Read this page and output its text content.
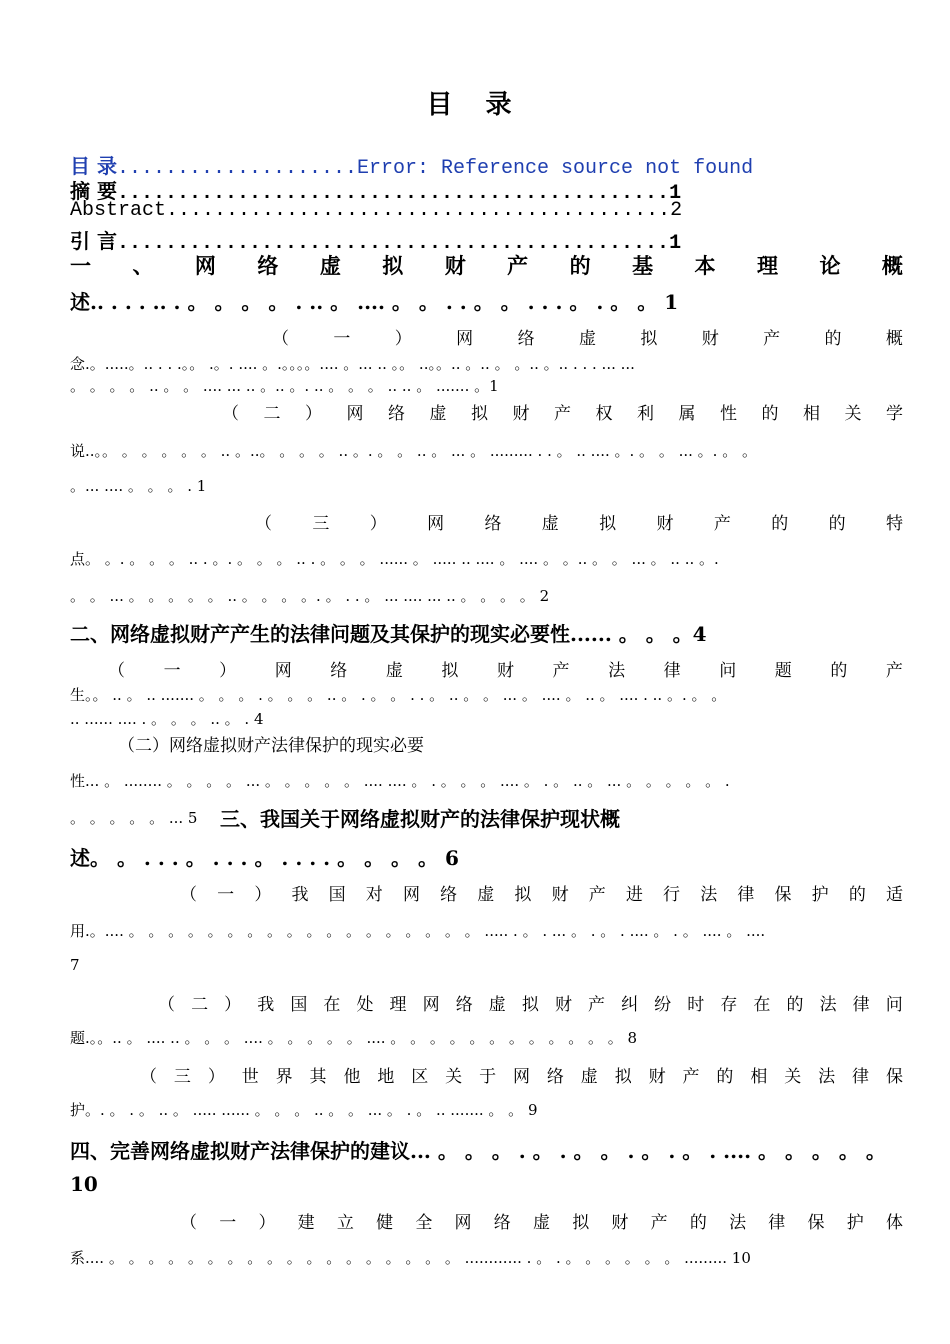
目 录
目 录....................Error: Reference source not found
摘 要..............................................1
Abstract..........................................2
引 言..............................................1
一 、 网 络 虚 拟 财 产 的 基 本 理 论 概
述.. . . . .. . 。 。 。 。 . .. 。 .... 。 。 . . 。 。 . . . 。 . 。 。 1
（	一	）	网	络	虚	拟	财	产	的	概
念.。.....。.. . . .。。 .。. .... 。.。。。。.... 。... .. 。。 ..。。.. 。.. 。 。.. 。.. . . . ... ...
。 。 。 。 .. 。 。 .... ... .. 。.. 。. .. 。 。 。 .. .. 。 ....... 。1
（ 二 ） 网 络 虚 拟 财 产 权 利 属 性 的 相 关 学
说..。。 。 。 。 。 。 .. 。..。 。 。 。 .. 。. 。 。 .. 。 ... 。 ......... . . 。 .. .... 。. 。 。 ... 。. 。 。
。... .... 。 。 。 . 1
（ 三 ） 网 络 虚 拟 财 产 的 的 特
点。 。. 。 。 。 .. . 。. 。 。 。 .. . 。 。 。 ...... 。 ..... .. .... 。 .... 。 。.. 。 。 ... 。 .. .. 。.
。 。 ... 。 。 。 。 。 .. 。 。 。 。. 。 . . 。 ... .... ... .. 。 。 。 。 2
二、网络虚拟财产产生的法律问题及其保护的现实必要性...... 。 。 。4
（ 一 ） 网 络 虚 拟 财 产 法 律 问 题 的 产
生。。 .. 。 .. ....... 。 。 。 . 。 。 。 .. 。 . 。 。 . . 。 .. 。 。 ... 。 .... 。 .. 。 .... . .. 。. 。 。
.. ...... .... . 。 。 。 .. 。 . 4
（二）网络虚拟财产法律保护的现实必要
性... 。 ........ 。 。 。 。 ... 。 。 。 。 。 .... .... 。 . 。 。 。 .... 。 . 。 .. 。 ... 。 。 。 。 。 .
。 。 。 。 。 ... 5	三、我国关于网络虚拟财产的法律保护现状概
述。 。 . . . 。 . . . 。 . . . . 。 。 。 。 6
（ 一 ） 我 国 对 网 络 虚 拟 财 产 进 行 法 律 保 护 的 适
用.。.... 。 。 。 。 。 。 。 。 。 。 。 。 。 。 。 。 。 。 ..... . 。 . ... 。 . 。 . .... 。 . 。 .... 。 ....
7
（ 二 ） 我 国 在 处 理 网 络 虚 拟 财 产 纠 纷 时 存 在 的 法 律 问
题.。。.. 。 .... .. 。 。 。 .... 。 。 。 。 。 .... 。 。 。 。 。 。 。 。 。 。 。 。 8
（ 三 ） 世 界 其 他 地 区 关 于 网 络 虚 拟 财 产 的 相 关 法 律 保
护。. 。 . 。 .. 。 ..... ...... 。 。 。 .. 。 。 ... 。 . 。 .. ....... 。 。 9
四、完善网络虚拟财产法律保护的建议... 。 。 。 . 。 . 。 。 . 。 . 。 . .... 。 。 。 。 。
10
（ 一 ） 建 立 健 全 网 络 虚 拟 财 产 的 法 律 保 护 体
系.... 。 。 。 。 。 。 。 。 。 。 。 。 。 。 。 。 。 。 ............ . 。 . 。 。 。 。 。 。 ......... 10
